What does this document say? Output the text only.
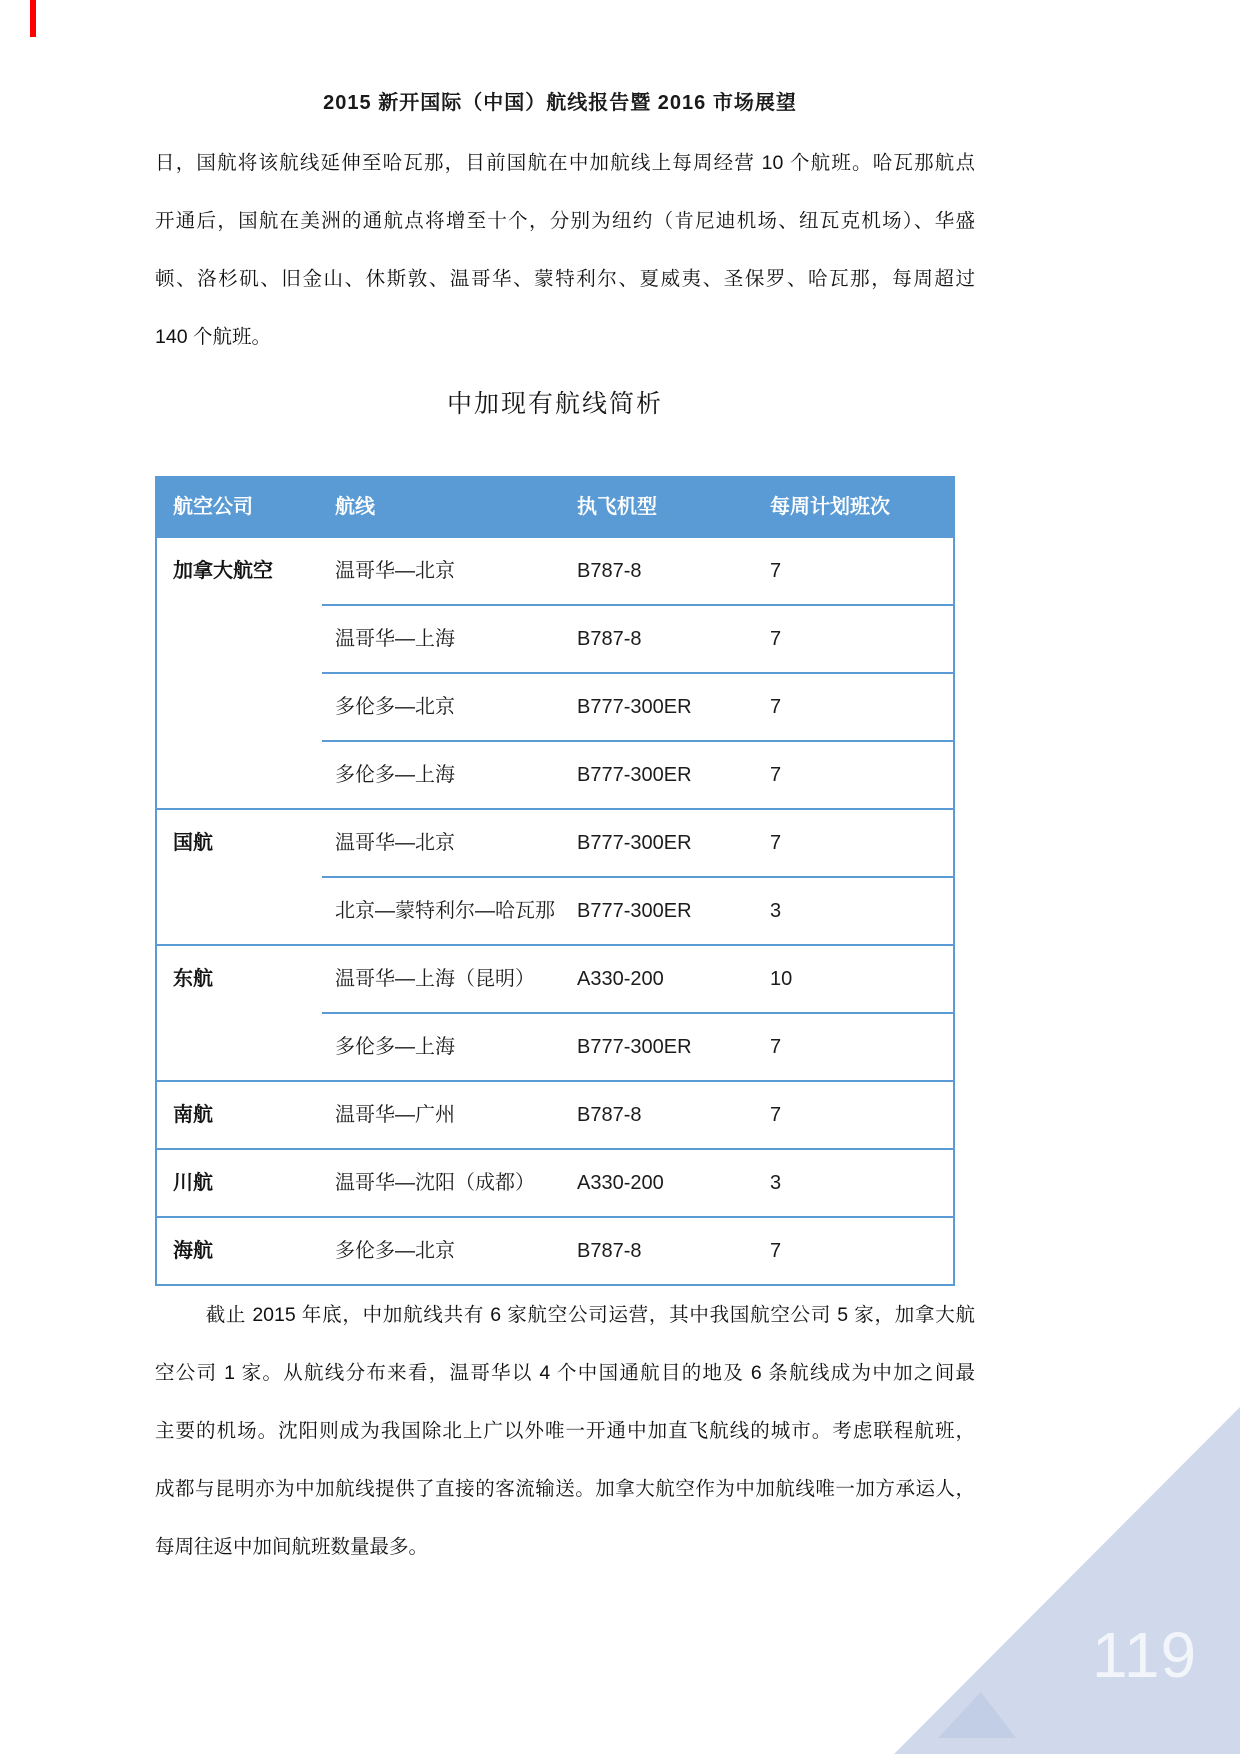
2015 新开国际（中国）航线报告暨 2016 市场展望
日，国航将该航线延伸至哈瓦那，目前国航在中加航线上每周经营 10 个航班。哈瓦那航点
开通后，国航在美洲的通航点将增至十个，分别为纽约（肯尼迪机场、纽瓦克机场）、华盛
顿、洛杉矶、旧金山、休斯敦、温哥华、蒙特利尔、夏威夷、圣保罗、哈瓦那，每周超过
140 个航班。
中加现有航线简析
航空公司	航线	执飞机型	每周计划班次
加拿大航空	温哥华—北京	B787-8	7
温哥华—上海	B787-8	7
多伦多—北京	B777-300ER	7
多伦多—上海	B777-300ER	7
国航	温哥华—北京	B777-300ER	7
北京—蒙特利尔—哈瓦那	B777-300ER	3
东航	温哥华—上海（昆明）	A330-200	10
多伦多—上海	B777-300ER	7
南航	温哥华—广州	B787-8	7
川航	温哥华—沈阳（成都）	A330-200	3
海航	多伦多—北京	B787-8	7
截止 2015 年底，中加航线共有 6 家航空公司运营，其中我国航空公司 5 家，加拿大航
空公司 1 家。从航线分布来看，温哥华以 4 个中国通航目的地及 6 条航线成为中加之间最
主要的机场。沈阳则成为我国除北上广以外唯一开通中加直飞航线的城市。考虑联程航班，
成都与昆明亦为中加航线提供了直接的客流输送。加拿大航空作为中加航线唯一加方承运人，
每周往返中加间航班数量最多。
119
